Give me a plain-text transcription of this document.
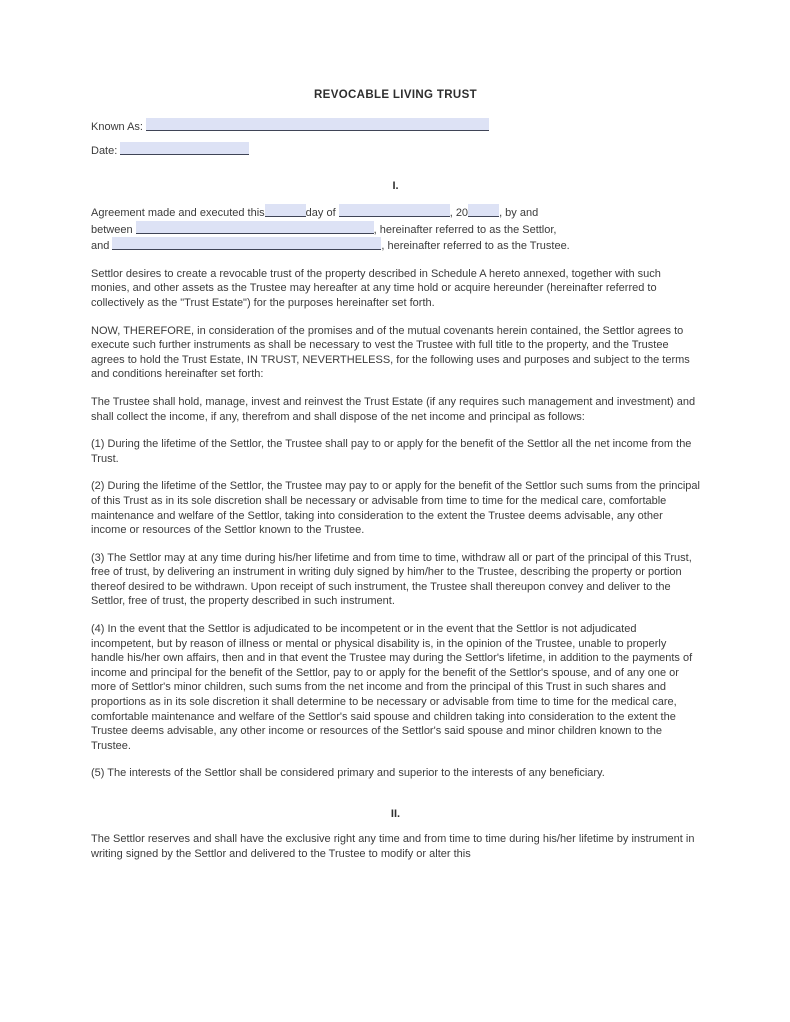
REVOCABLE LIVING TRUST
Known As:
Date:
I.

Agreement made and executed this	day of	, 20	, by and
between	, hereinafter referred to as the Settlor,
and	, hereinafter referred to as the Trustee.

Settlor desires to create a revocable trust of the property described in Schedule A hereto annexed, together with such monies, and other assets as the Trustee may hereafter at any time hold or acquire hereunder (hereinafter referred to collectively as the "Trust Estate") for the purposes hereinafter set forth.

NOW, THEREFORE, in consideration of the promises and of the mutual covenants herein contained, the Settlor agrees to execute such further instruments as shall be necessary to vest the Trustee with full title to the property, and the Trustee agrees to hold the Trust Estate, IN TRUST, NEVERTHELESS, for the following uses and purposes and subject to the terms and conditions hereinafter set forth:

The Trustee shall hold, manage, invest and reinvest the Trust Estate (if any requires such management and investment) and shall collect the income, if any, therefrom and shall dispose of the net income and principal as follows:

(1) During the lifetime of the Settlor, the Trustee shall pay to or apply for the benefit of the Settlor all the net income from the Trust.

(2) During the lifetime of the Settlor, the Trustee may pay to or apply for the benefit of the Settlor such sums from the principal of this Trust as in its sole discretion shall be necessary or advisable from time to time for the medical care, comfortable maintenance and welfare of the Settlor, taking into consideration to the extent the Trustee deems advisable, any other income or resources of the Settlor known to the Trustee.

(3) The Settlor may at any time during his/her lifetime and from time to time, withdraw all or part of the principal of this Trust, free of trust, by delivering an instrument in writing duly signed by him/her to the Trustee, describing the property or portion thereof desired to be withdrawn. Upon receipt of such instrument, the Trustee shall thereupon convey and deliver to the Settlor, free of trust, the property described in such instrument.

(4) In the event that the Settlor is adjudicated to be incompetent or in the event that the Settlor is not adjudicated incompetent, but by reason of illness or mental or physical disability is, in the opinion of the Trustee, unable to properly handle his/her own affairs, then and in that event the Trustee may during the Settlor's lifetime, in addition to the payments of income and principal for the benefit of the Settlor, pay to or apply for the benefit of the Settlor's spouse, and of any one or more of Settlor's minor children, such sums from the net income and from the principal of this Trust in such shares and proportions as in its sole discretion it shall determine to be necessary or advisable from time to time for the medical care, comfortable maintenance and welfare of the Settlor's said spouse and children taking into consideration to the extent the Trustee deems advisable, any other income or resources of the Settlor's said spouse and minor children known to the Trustee.

(5) The interests of the Settlor shall be considered primary and superior to the interests of any beneficiary.

II.

The Settlor reserves and shall have the exclusive right any time and from time to time during his/her lifetime by instrument in writing signed by the Settlor and delivered to the Trustee to modify or alter this
